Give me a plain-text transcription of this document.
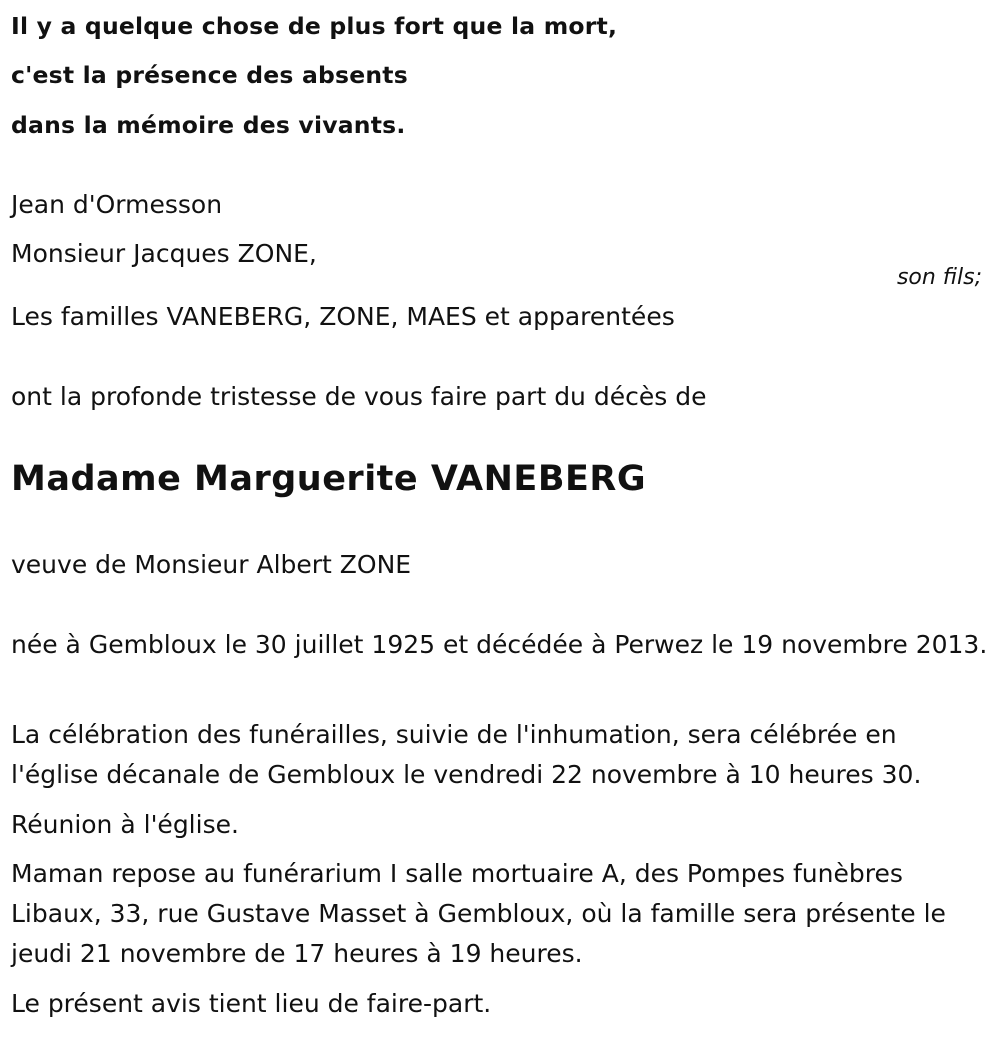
Il y a quelque chose de plus fort que la mort,
c'est la présence des absents
dans la mémoire des vivants.
Jean d'Ormesson
Monsieur Jacques ZONE,
son fils;
Les familles VANEBERG, ZONE, MAES et apparentées
ont la profonde tristesse de vous faire part du décès de
Madame Marguerite VANEBERG
veuve de Monsieur Albert ZONE
née à Gembloux le 30 juillet 1925 et décédée à Perwez le 19 novembre 2013.
La célébration des funérailles, suivie de l'inhumation, sera célébrée en l'église décanale de Gembloux le vendredi 22 novembre à 10 heures 30.
Réunion à l'église.
Maman repose au funérarium I salle mortuaire A, des Pompes funèbres Libaux, 33, rue Gustave Masset à Gembloux, où la famille sera présente le jeudi 21 novembre de 17 heures à 19 heures.
Le présent avis tient lieu de faire-part.
